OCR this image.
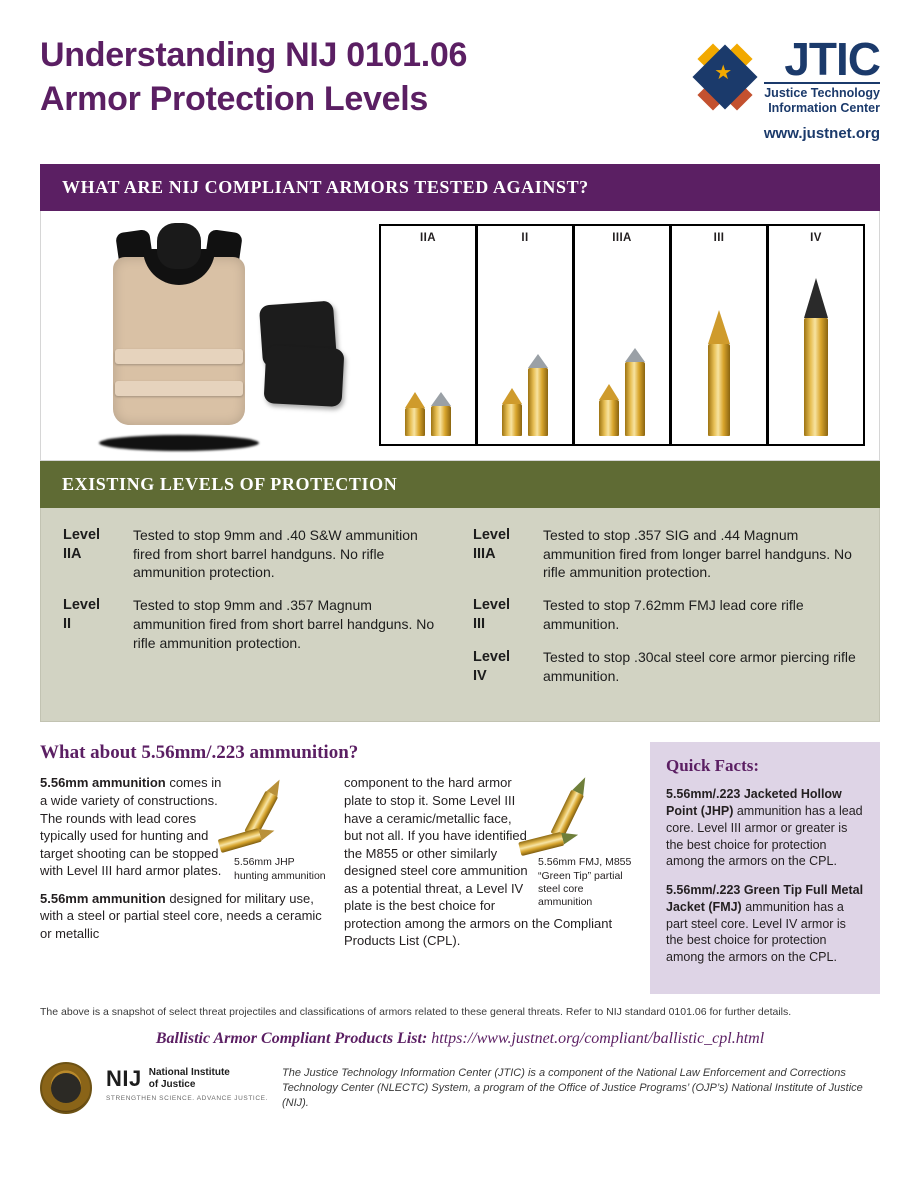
Understanding NIJ 0101.06
Armor Protection Levels
★	JTIC
Justice Technology
Information Center
www.justnet.org
WHAT ARE NIJ COMPLIANT ARMORS TESTED AGAINST?
IIA	II	IIIA	III	IV
EXISTING LEVELS OF PROTECTION
Level
IIA
Tested to stop 9mm and .40 S&W ammunition fired from short barrel handguns. No rifle ammunition protection.
Level
II
Tested to stop 9mm and .357 Magnum ammunition fired from short barrel handguns. No rifle ammunition protection.
Level
IIIA
Tested to stop .357 SIG and .44 Magnum ammunition fired from longer barrel handguns. No rifle ammunition protection.
Level
III
Tested to stop 7.62mm FMJ lead core rifle ammunition.
Level
IV
Tested to stop .30cal steel core armor piercing rifle ammunition.
What about 5.56mm/.223 ammunition?
5.56mm JHP hunting ammunition

5.56mm ammunition comes in a wide variety of constructions. The rounds with lead cores typically used for hunting and target shooting can be stopped with Level III hard armor plates.

5.56mm ammunition designed for military use, with a steel or partial steel core, needs a ceramic or metallic

5.56mm FMJ, M855 “Green Tip” partial steel core ammunition

component to the hard armor plate to stop it. Some Level III have a ceramic/metallic face, but not all. If you have identified the M855 or other similarly designed steel core ammunition as a potential threat, a Level IV plate is the best choice for protection among the armors on the Compliant Products List (CPL).

Quick Facts:

5.56mm/.223 Jacketed Hollow Point (JHP) ammunition has a lead core. Level III armor or greater is the best choice for protection among the armors on the CPL.

5.56mm/.223 Green Tip Full Metal Jacket (FMJ) ammunition has a part steel core. Level IV armor is the best choice for protection among the armors on the CPL.

The above is a snapshot of select threat projectiles and classifications of armors related to these general threats. Refer to NIJ standard 0101.06 for further details.
Ballistic Armor Compliant Products List: https://www.justnet.org/compliant/ballistic_cpl.html
NIJ National Institute
of Justice
STRENGTHEN SCIENCE. ADVANCE JUSTICE.
The Justice Technology Information Center (JTIC) is a component of the National Law Enforcement and Corrections
Technology Center (NLECTC) System, a program of the Office of Justice Programs’ (OJP’s) National Institute of Justice (NIJ).
